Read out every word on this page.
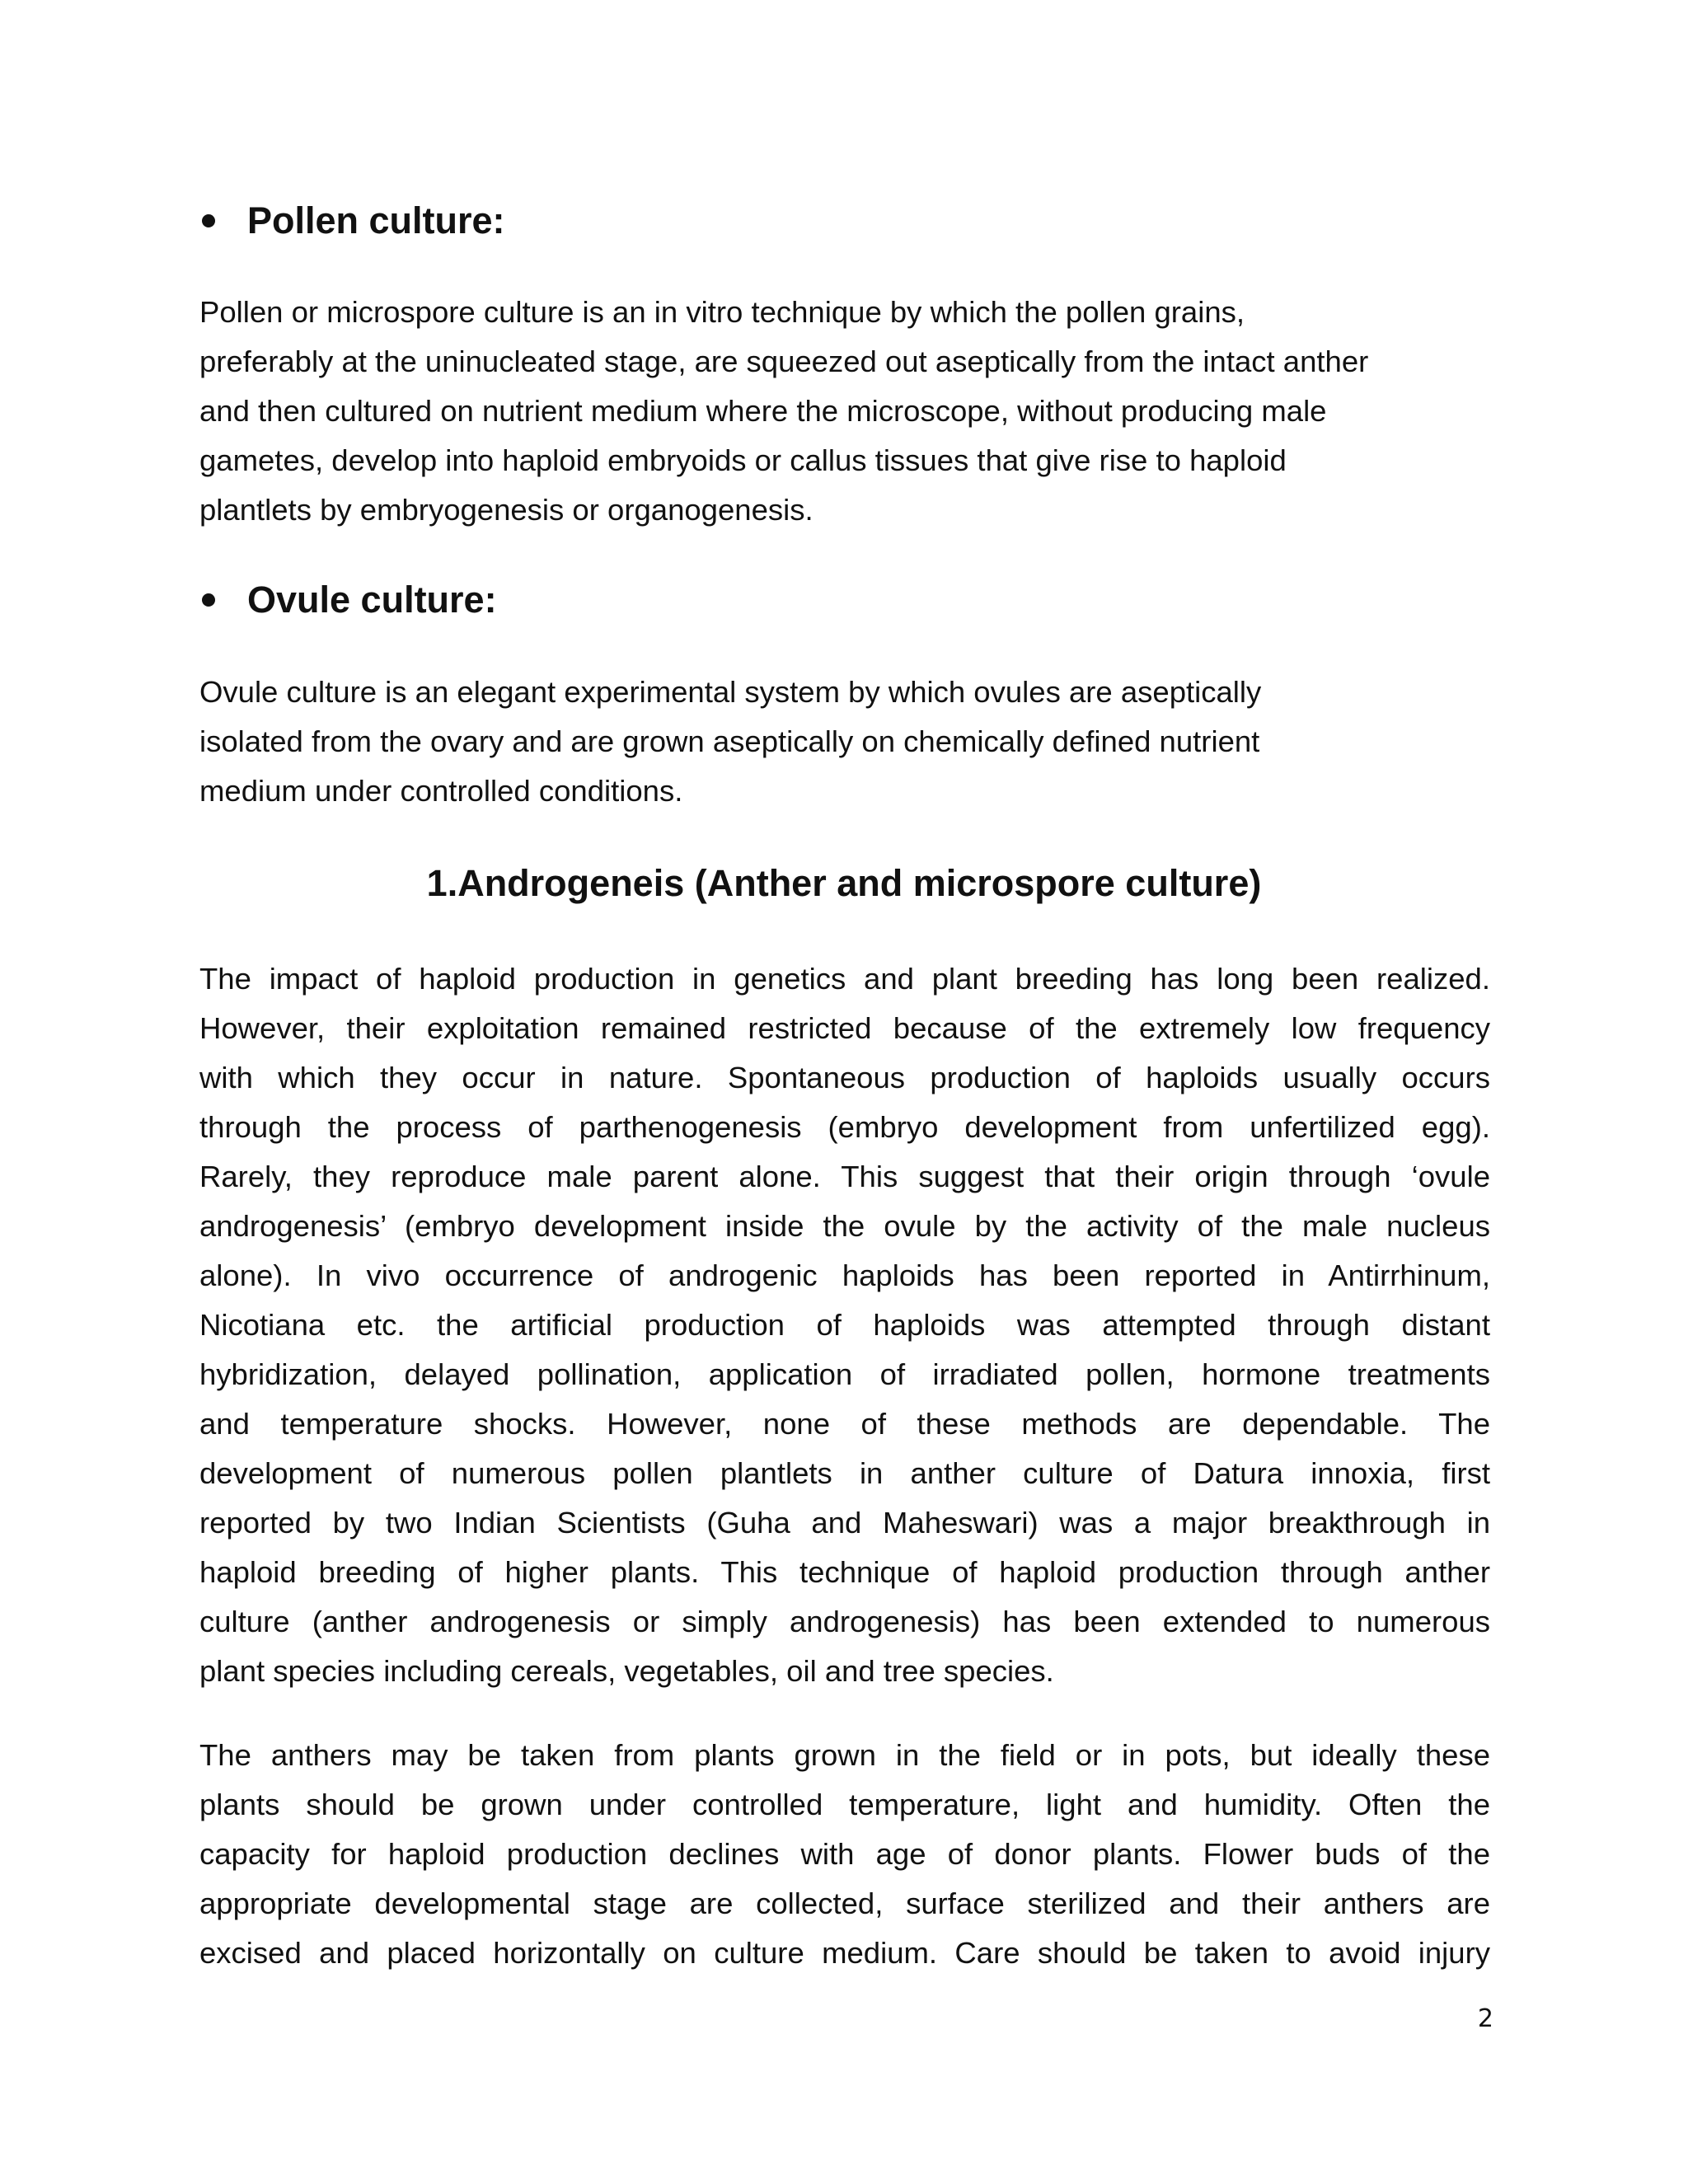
Pollen culture:

Pollen or microspore culture is an in vitro technique by which the pollen grains,
preferably at the uninucleated stage, are squeezed out aseptically from the intact anther
and then cultured on nutrient medium where the microscope, without producing male
gametes, develop into haploid embryoids or callus tissues that give rise to haploid
plantlets by embryogenesis or organogenesis.

Ovule culture:

Ovule culture is an elegant experimental system by which ovules are aseptically
isolated from the ovary and are grown aseptically on chemically defined nutrient
medium under controlled conditions.

1.Androgeneis (Anther and microspore culture)

The impact of haploid production in genetics and plant breeding has long been realized.
However, their exploitation remained restricted because of the extremely low frequency
with which they occur in nature. Spontaneous production of haploids usually occurs
through the process of parthenogenesis (embryo development from unfertilized egg).
Rarely, they reproduce male parent alone. This suggest that their origin through ‘ovule
androgenesis’ (embryo development inside the ovule by the activity of the male nucleus
alone). In vivo occurrence of androgenic haploids has been reported in Antirrhinum,
Nicotiana etc. the artificial production of haploids was attempted through distant
hybridization, delayed pollination, application of irradiated pollen, hormone treatments
and temperature shocks. However, none of these methods are dependable. The
development of numerous pollen plantlets in anther culture of Datura innoxia, first
reported by two Indian Scientists (Guha and Maheswari) was a major breakthrough in
haploid breeding of higher plants. This technique of haploid production through anther
culture (anther androgenesis or simply androgenesis) has been extended to numerous
plant species including cereals, vegetables, oil and tree species.

The anthers may be taken from plants grown in the field or in pots, but ideally these
plants should be grown under controlled temperature, light and humidity. Often the
capacity for haploid production declines with age of donor plants. Flower buds of the
appropriate developmental stage are collected, surface sterilized and their anthers are
excised and placed horizontally on culture medium. Care should be taken to avoid injury

2
